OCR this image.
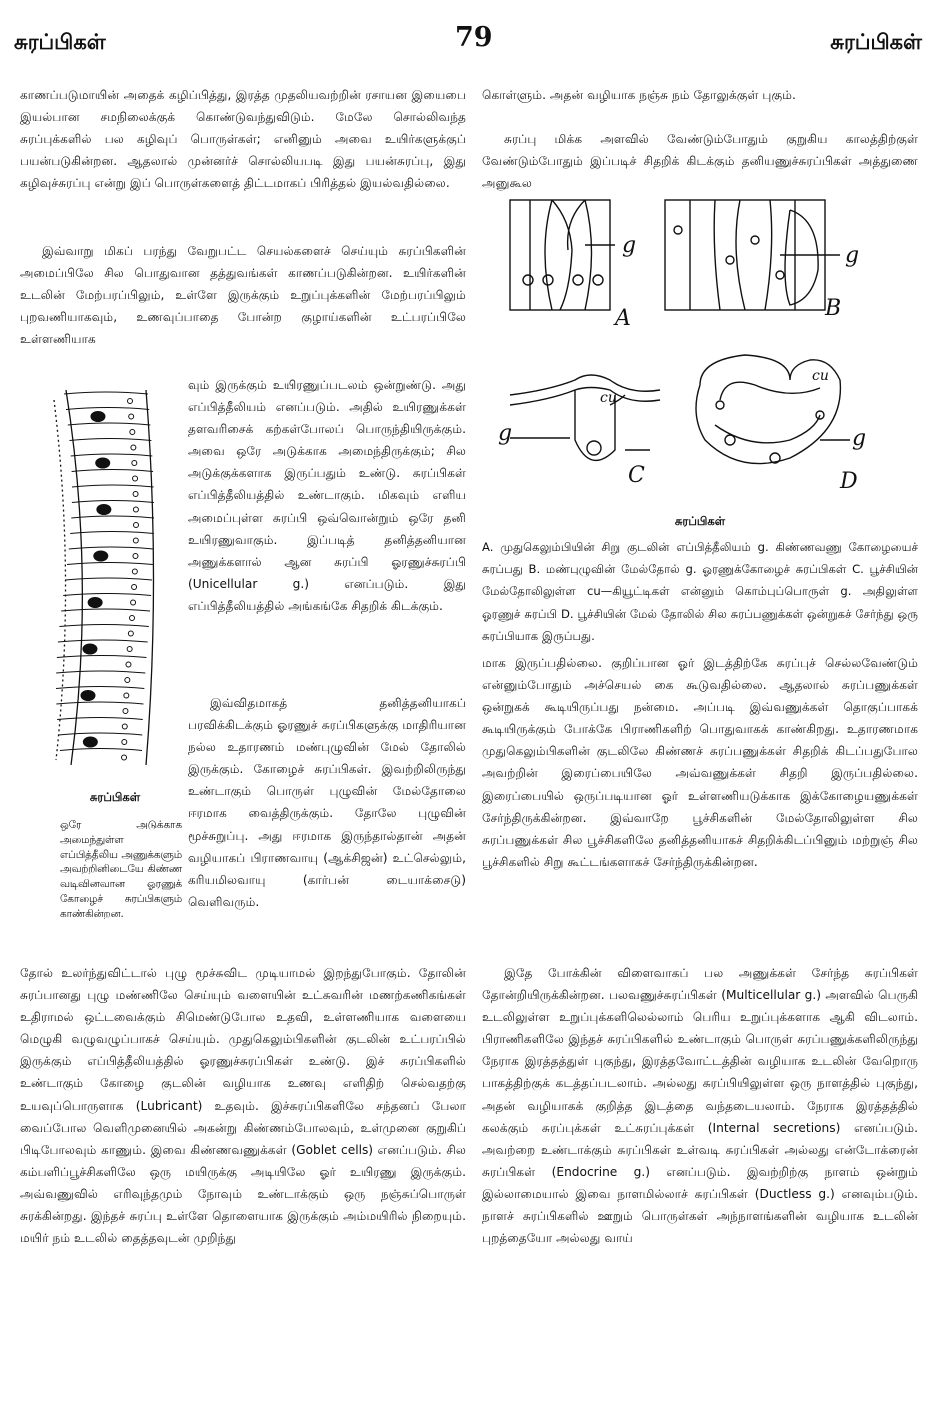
சுரப்பிகள்	79	சுரப்பிகள்

காணப்படுமாயின் அதைக் கழிப்பித்து, இரத்த முதலியவற்றின் ரசாயன இயைபை இயல்பான சமநிலைக்குக் கொண்டுவந்துவிடும். மேலே சொல்லிவந்த சுரப்புக்களில் பல கழிவுப் பொருள்கள்; எனினும் அவை உயிர்களுக்குப் பயன்படுகின்றன. ஆதலால் முன்னர்ச் சொல்லியபடி இது பயன்சுரப்பு, இது கழிவுச்சுரப்பு என்று இப் பொருள்களைத் திட்டமாகப் பிரித்தல் இயல்வதில்லை.

இவ்வாறு மிகப் பரந்து வேறுபட்ட செயல்களைச் செய்யும் சுரப்பிகளின் அமைப்பிலே சில பொதுவான தத்துவங்கள் காணப்படுகின்றன. உயிர்களின் உடலின் மேற்பரப்பிலும், உள்ளே இருக்கும் உறுப்புக்களின் மேற்பரப்பிலும் புறவணியாகவும், உணவுப்பாதை போன்ற குழாய்களின் உட்பரப்பிலே உள்ளணியாக

வும் இருக்கும் உயிரணுப்படலம் ஒன்றுண்டு. அது எப்பித்தீலியம் எனப்படும். அதில் உயிரணுக்கள் தளவரிசைக் கற்கள்போலப் பொருந்தியிருக்கும். அவை ஒரே அடுக்காக அமைந்திருக்கும்; சில அடுக்குக்களாக இருப்பதும் உண்டு. சுரப்பிகள் எப்பித்தீலியத்தில் உண்டாகும். மிகவும் எளிய அமைப்புள்ள சுரப்பி ஒவ்வொன்றும் ஒரே தனி உயிரணுவாகும். இப்படித் தனித்தனியான அணுக்களால் ஆன சுரப்பி ஓரணுச்சுரப்பி (Unicellular g.) எனப்படும். இது எப்பித்தீலியத்தில் அங்கங்கே சிதறிக் கிடக்கும்.

இவ்விதமாகத் தனித்தனியாகப் பரவிக்கிடக்கும் ஓரணுச் சுரப்பிகளுக்கு மாதிரியான நல்ல உதாரணம் மண்புழுவின் மேல் தோலில் இருக்கும். கோழைச் சுரப்பிகள். இவற்றிலிருந்து உண்டாகும் பொருள் புழுவின் மேல்தோலை ஈரமாக வைத்திருக்கும். தோலே புழுவின் மூச்சுறுப்பு. அது ஈரமாக இருந்தால்தான் அதன் வழியாகப் பிராணவாயு (ஆக்சிஜன்) உட்செல்லும், கரியமிலவாயு (கார்பன் டையாக்சைடு) வெளிவரும்.

தோல் உலர்ந்துவிட்டால் புழு மூச்சுவிட முடியாமல் இறந்துபோகும். தோலின் சுரப்பானது புழு மண்ணிலே செய்யும் வளையின் உட்சுவரின் மணற்கணிகங்கள் உதிராமல் ஒட்டவைக்கும் சிமெண்டுபோல உதவி, உள்ளணியாக வளையை மெழுகி வழுவழுப்பாகச் செய்யும். முதுகெலும்பிகளின் குடலின் உட்பரப்பில் இருக்கும் எப்பித்தீலியத்தில் ஓரணுச்சுரப்பிகள் உண்டு. இச் சுரப்பிகளில் உண்டாகும் கோழை குடலின் வழியாக உணவு எளிதிற் செல்வதற்கு உயவுப்பொருளாக (Lubricant) உதவும். இச்சுரப்பிகளிலே சந்தனப் பேலா வைப்போல வெளிமுனையில் அகன்று கிண்ணம்போலவும், உள்முனை குறுகிப் பிடிபோலவும் காணும். இவை கிண்ணவணுக்கள் (Goblet cells) எனப்படும். சில கம்பளிப்பூச்சிகளிலே ஒரு மயிருக்கு அடியிலே ஓர் உயிரணு இருக்கும். அவ்வணுவில் எரிவுந்தமும் நோவும் உண்டாக்கும் ஒரு நஞ்சுப்பொருள் சுரக்கின்றது. இந்தச் சுரப்பு உள்ளே தொளையாக இருக்கும் அம்மயிரில் நிறையும். மயிர் நம் உடலில் தைத்தவுடன் முறிந்து

சுரப்பிகள்

ஒரே அடுக்காக அமைந்துள்ள எப்பித்தீலிய அணுக்களும் அவற்றினிடையே கிண்ண வடிவினவான ஓரணுக் கோழைச் சுரப்பிகளும் காண்கின்றன.

கொள்ளும். அதன் வழியாக நஞ்சு நம் தோலுக்குள் புகும்.

சுரப்பு மிக்க அளவில் வேண்டும்போதும் குறுகிய காலத்திற்குள் வேண்டும்போதும் இப்படிச் சிதறிக் கிடக்கும் தனியணுச்சுரப்பிகள் அத்துணை அனுகூல

g
A
g
B
cu
g
C
cu
g
D
சுரப்பிகள்

A. முதுகெலும்பியின் சிறு குடலின் எப்பித்தீலியம் g. கிண்ணவணு கோழையைச் சுரப்பது B. மண்புழுவின் மேல்தோல் g. ஓரணுக்கோழைச் சுரப்பிகள் C. பூச்சியின் மேல்தோலிலுள்ள cu—கியூட்டிகள் என்னும் கொம்புப்பொருள் g. அதிலுள்ள ஓரணுச் சுரப்பி D. பூச்சியின் மேல் தோலில் சில சுரப்பணுக்கள் ஒன்றுகச் சேர்ந்து ஒரு சுரப்பியாக இருப்பது.

மாக இருப்பதில்லை. குறிப்பான ஓர் இடத்திற்கே சுரப்புச் செல்லவேண்டும் என்னும்போதும் அச்செயல் கை கூடுவதில்லை. ஆதலால் சுரப்பணுக்கள் ஒன்றுகக் கூடியிருப்பது நன்மை. அப்படி இவ்வணுக்கள் தொகுப்பாகக் கூடியிருக்கும் போக்கே பிராணிகளிற் பொதுவாகக் காண்கிறது. உதாரணமாக முதுகெலும்பிகளின் குடலிலே கிண்ணச் சுரப்பணுக்கள் சிதறிக் கிடப்பதுபோல அவற்றின் இரைப்பையிலே அவ்வணுக்கள் சிதறி இருப்பதில்லை. இரைப்பையில் ஒருப்படியான ஓர் உள்ளணியடுக்காக இக்கோழையணுக்கள் சேர்ந்திருக்கின்றன. இவ்வாறே பூச்சிகளின் மேல்தோலிலுள்ள சில சுரப்பணுக்கள் சில பூச்சிகளிலே தனித்தனியாகச் சிதறிக்கிடப்பினும் மற்றுஞ் சில பூச்சிகளில் சிறு கூட்டங்களாகச் சேர்ந்திருக்கின்றன.

இதே போக்கின் விளைவாகப் பல அணுக்கள் சேர்ந்த சுரப்பிகள் தோன்றியிருக்கின்றன. பலவணுச்சுரப்பிகள் (Multicellular g.) அளவில் பெருகி உடலிலுள்ள உறுப்புக்களிலெல்லாம் பெரிய உறுப்புக்களாக ஆகி விடலாம். பிராணிகளிலே இந்தச் சுரப்பிகளில் உண்டாகும் பொருள் சுரப்பணுக்களிலிருந்து நேராக இரத்தத்துள் புகுந்து, இரத்தவோட்டத்தின் வழியாக உடலின் வேறொரு பாகத்திற்குக் கடத்தப்படலாம். அல்லது சுரப்பியிலுள்ள ஒரு நாளத்தில் புகுந்து, அதன் வழியாகக் குறித்த இடத்தை வந்தடையலாம். நேராக இரத்தத்தில் கலக்கும் சுரப்புக்கள் உட்சுரப்புக்கள் (Internal secretions) எனப்படும். அவற்றை உண்டாக்கும் சுரப்பிகள் உள்வடி சுரப்பிகள் அல்லது என்டோக்ரைன் சுரப்பிகள் (Endocrine g.) எனப்படும். இவற்றிற்கு நாளம் ஒன்றும் இல்லாமையால் இவை நாளமில்லாச் சுரப்பிகள் (Ductless g.) எனவும்படும். நாளச் சுரப்பிகளில் ஊறும் பொருள்கள் அந்நாளங்களின் வழியாக உடலின் புறத்தையோ அல்லது வாய்
